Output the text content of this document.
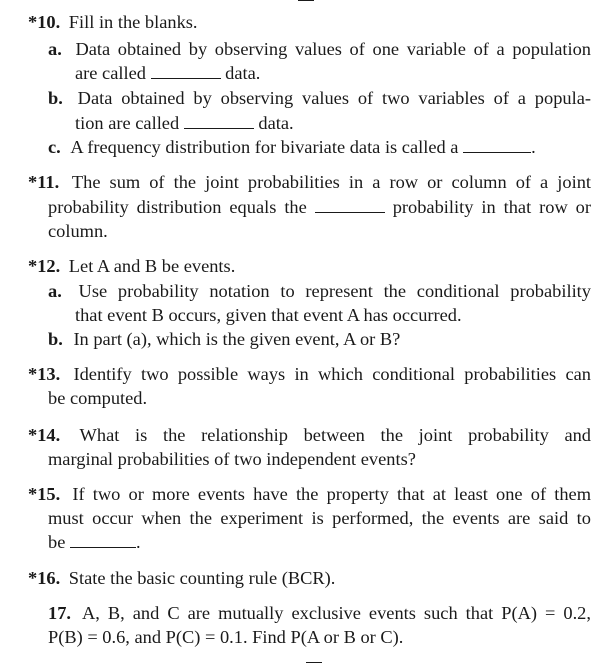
*10. Fill in the blanks.
a. Data obtained by observing values of one variable of a population
are called	data.
b. Data obtained by observing values of two variables of a popula-
tion are called	data.
c. A frequency distribution for bivariate data is called a	.
*11. The sum of the joint probabilities in a row or column of a joint
probability distribution equals the	probability in that row or
column.
*12. Let A and B be events.
a. Use probability notation to represent the conditional probability
that event B occurs, given that event A has occurred.
b. In part (a), which is the given event, A or B?
*13. Identify two possible ways in which conditional probabilities can
be computed.
*14. What is the relationship between the joint probability and
marginal probabilities of two independent events?
*15. If two or more events have the property that at least one of them
must occur when the experiment is performed, the events are said to
be	.
*16. State the basic counting rule (BCR).
17. A, B, and C are mutually exclusive events such that P(A) = 0.2,
P(B) = 0.6, and P(C) = 0.1. Find P(A or B or C).
